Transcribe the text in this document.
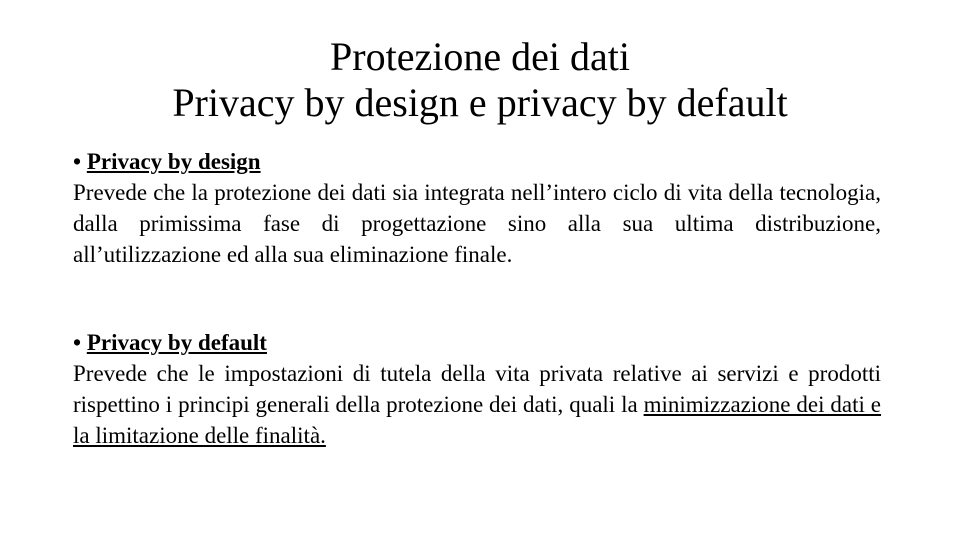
Protezione dei dati
Privacy by design e privacy by default
• Privacy by design
Prevede che la protezione dei dati sia integrata nell’intero ciclo di vita della tecnologia, dalla primissima fase di progettazione sino alla sua ultima distribuzione, all’utilizzazione ed alla sua eliminazione finale.
• Privacy by default
Prevede che le impostazioni di tutela della vita privata relative ai servizi e prodotti rispettino i principi generali della protezione dei dati, quali la minimizzazione dei dati e la limitazione delle finalità.
